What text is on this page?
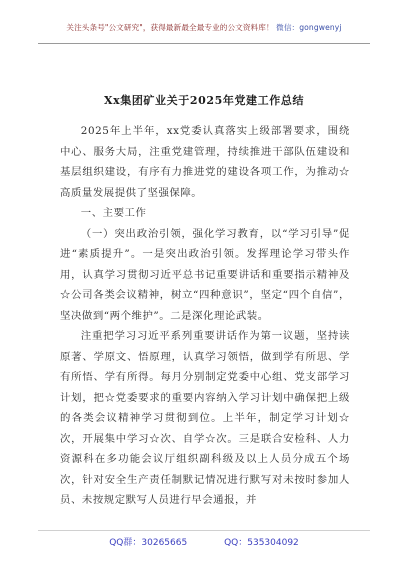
关注头条号"公文研究"，获得最新最全最专业的公文资料库！ 微信：gongwenyj
Xx集团矿业关于2025年党建工作总结

2025年上半年，xx党委认真落实上级部署要求，围绕中心、服务大局，注重党建管理，持续推进干部队伍建设和基层组织建设，有序有力推进党的建设各项工作，为推动☆高质量发展提供了坚强保障。

一、主要工作

（一）突出政治引领，强化学习教育，以“学习引导”促进“素质提升”。一是突出政治引领。发挥理论学习带头作用，认真学习贯彻习近平总书记重要讲话和重要指示精神及☆公司各类会议精神，树立“四种意识”，坚定“四个自信”，坚决做到“两个维护”。二是深化理论武装。

注重把学习习近平系列重要讲话作为第一议题，坚持读原著、学原文、悟原理，认真学习领悟，做到学有所思、学有所悟、学有所得。每月分别制定党委中心组、党支部学习计划，把☆党委要求的重要内容纳入学习计划中确保把上级的各类会议精神学习贯彻到位。上半年，制定学习计划☆次，开展集中学习☆次、自学☆次。三是联合安检科、人力资源科在多功能会议厅组织副科级及以上人员分成五个场次，针对安全生产责任制默记情况进行默写对未按时参加人员、未按规定默写人员进行早会通报，并

QQ群：30265665	QQ：535304092
